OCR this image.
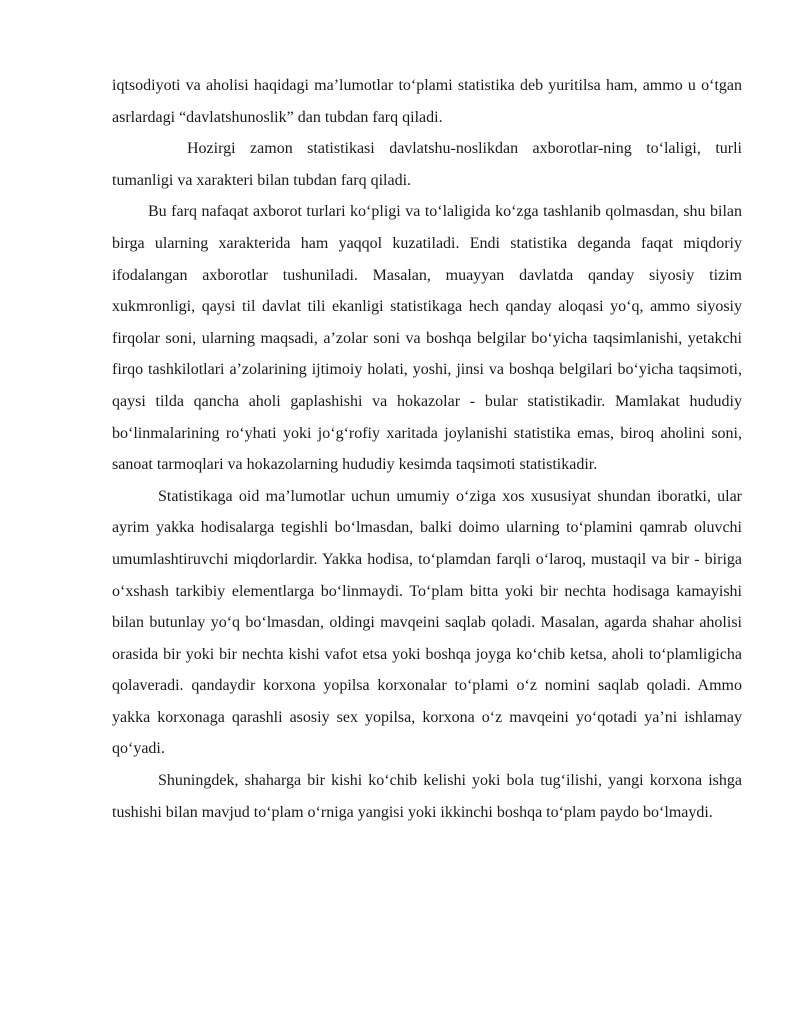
iqtsodiyoti va aholisi haqidagi ma’lumotlar to‘plami statistika deb yuritilsa ham, ammo u o‘tgan asrlardagi “davlatshunoslik” dan tubdan farq qiladi.

Hozirgi zamon statistikasi davlatshu-noslikdan axborotlar-ning to‘laligi, turli tumanligi va xarakteri bilan tubdan farq qiladi.

Bu farq nafaqat axborot turlari ko‘pligi va to‘laligida ko‘zga tashlanib qolmasdan, shu bilan birga ularning xarakterida ham yaqqol kuzatiladi. Endi statistika deganda faqat miqdoriy ifodalangan axborotlar tushuniladi. Masalan, muayyan davlatda qanday siyosiy tizim xukmronligi, qaysi til davlat tili ekanligi statistikaga hech qanday aloqasi yo‘q, ammo siyosiy firqolar soni, ularning maqsadi, a’zolar soni va boshqa belgilar bo‘yicha taqsimlanishi, yetakchi firqo tashkilotlari a’zolarining ijtimoiy holati, yoshi, jinsi va boshqa belgilari bo‘yicha taqsimoti, qaysi tilda qancha aholi gaplashishi va hokazolar - bular statistikadir. Mamlakat hududiy bo‘linmalarining ro‘yhati yoki jo‘g‘rofiy xaritada joylanishi statistika emas, biroq aholini soni, sanoat tarmoqlari va hokazolarning hududiy kesimda taqsimoti statistikadir.

Statistikaga oid ma’lumotlar uchun umumiy o‘ziga xos xususiyat shundan iboratki, ular ayrim yakka hodisalarga tegishli bo‘lmasdan, balki doimo ularning to‘plamini qamrab oluvchi umumlashtiruvchi miqdorlardir. Yakka hodisa, to‘plamdan farqli o‘laroq, mustaqil va bir - biriga o‘xshash tarkibiy elementlarga bo‘linmaydi. To‘plam bitta yoki bir nechta hodisaga kamayishi bilan butunlay yo‘q bo‘lmasdan, oldingi mavqeini saqlab qoladi. Masalan, agarda shahar aholisi orasida bir yoki bir nechta kishi vafot etsa yoki boshqa joyga ko‘chib ketsa, aholi to‘plamligicha qolaveradi. qandaydir korxona yopilsa korxonalar to‘plami o‘z nomini saqlab qoladi. Ammo yakka korxonaga qarashli asosiy sex yopilsa, korxona o‘z mavqeini yo‘qotadi ya’ni ishlamay qo‘yadi.

Shuningdek, shaharga bir kishi ko‘chib kelishi yoki bola tug‘ilishi, yangi korxona ishga tushishi bilan mavjud to‘plam o‘rniga yangisi yoki ikkinchi boshqa to‘plam paydo bo‘lmaydi.
